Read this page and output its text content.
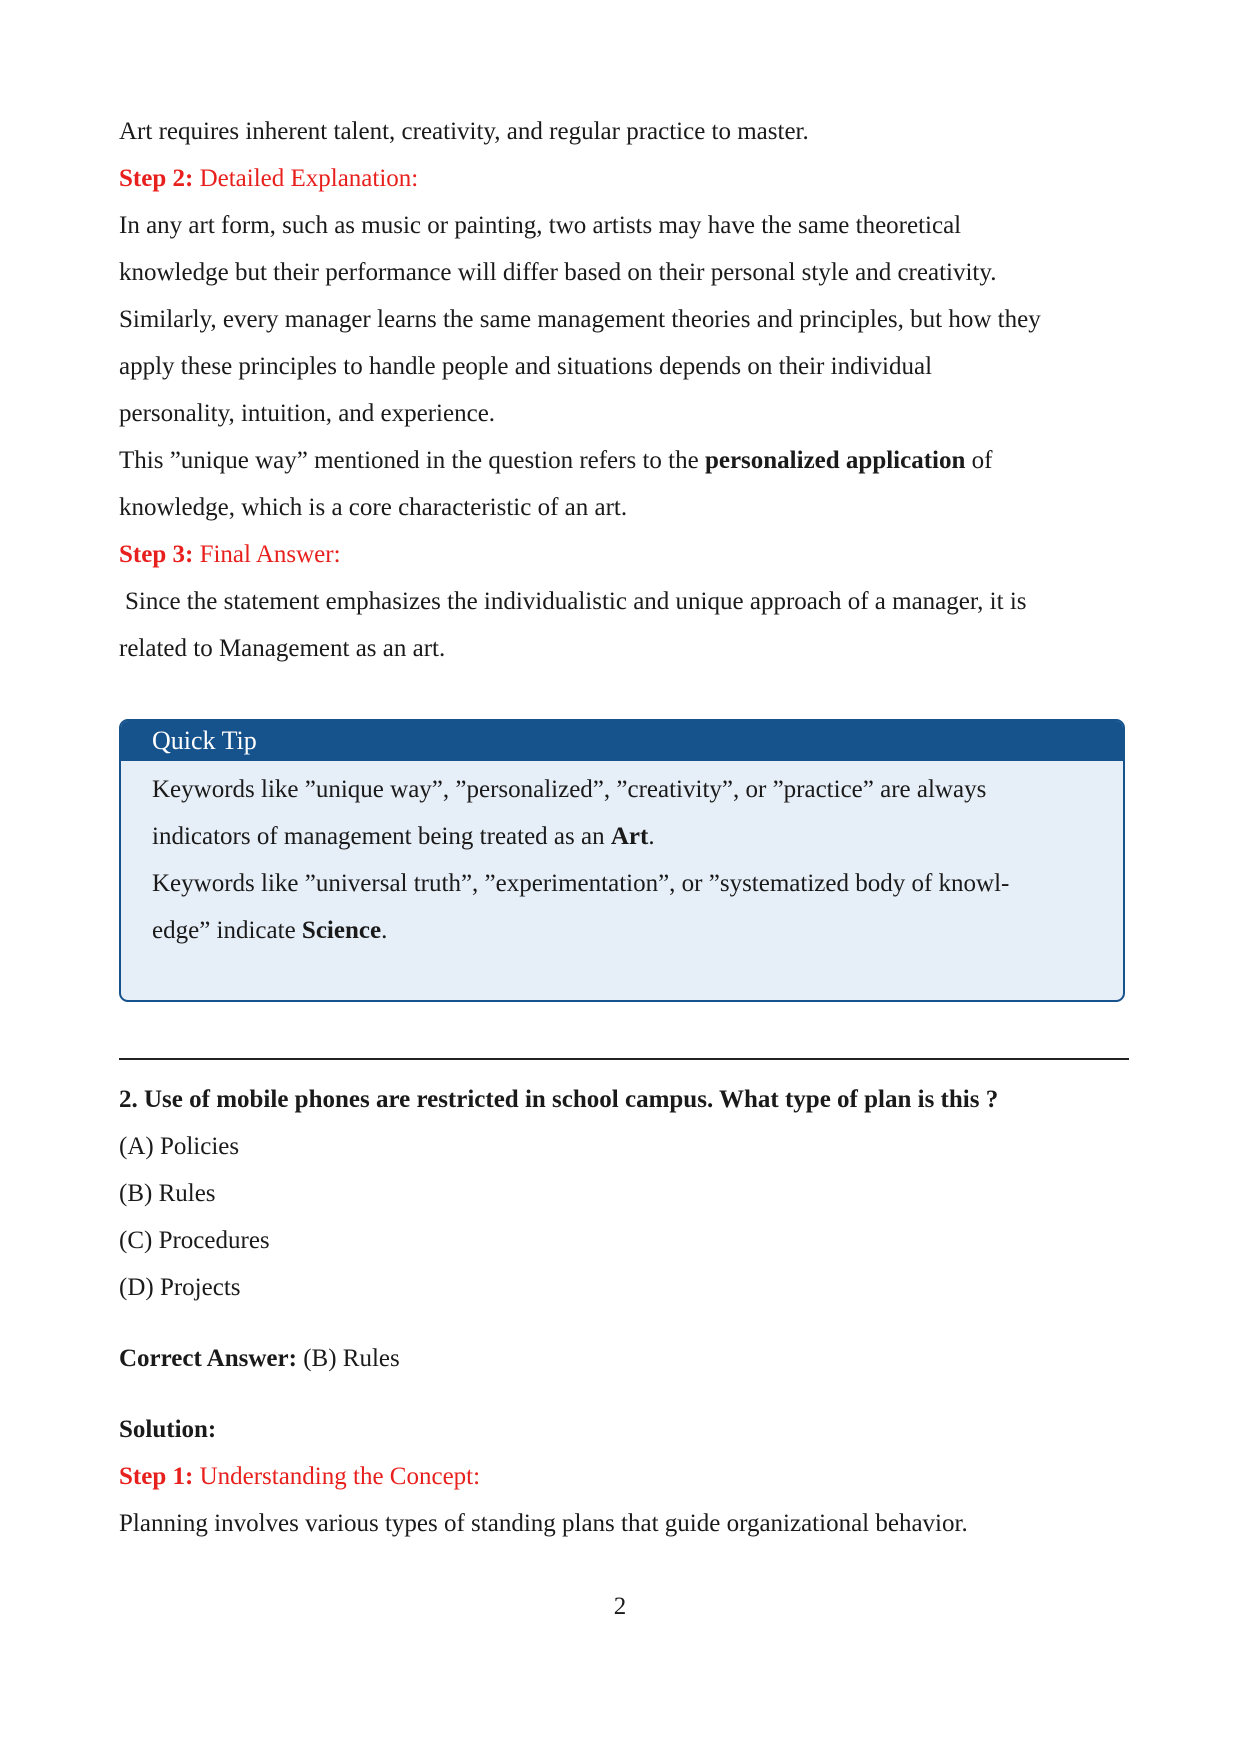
Art requires inherent talent, creativity, and regular practice to master.

Step 2: Detailed Explanation:

In any art form, such as music or painting, two artists may have the same theoretical

knowledge but their performance will differ based on their personal style and creativity.

Similarly, every manager learns the same management theories and principles, but how they

apply these principles to handle people and situations depends on their individual

personality, intuition, and experience.

This ”unique way” mentioned in the question refers to the personalized application of

knowledge, which is a core characteristic of an art.

Step 3: Final Answer:

Since the statement emphasizes the individualistic and unique approach of a manager, it is

related to Management as an art.

Quick Tip

Keywords like ”unique way”, ”personalized”, ”creativity”, or ”practice” are always

indicators of management being treated as an Art.

Keywords like ”universal truth”, ”experimentation”, or ”systematized body of knowl-

edge” indicate Science.

2. Use of mobile phones are restricted in school campus. What type of plan is this ?

(A) Policies

(B) Rules

(C) Procedures

(D) Projects

Correct Answer: (B) Rules

Solution:

Step 1: Understanding the Concept:

Planning involves various types of standing plans that guide organizational behavior.

2
